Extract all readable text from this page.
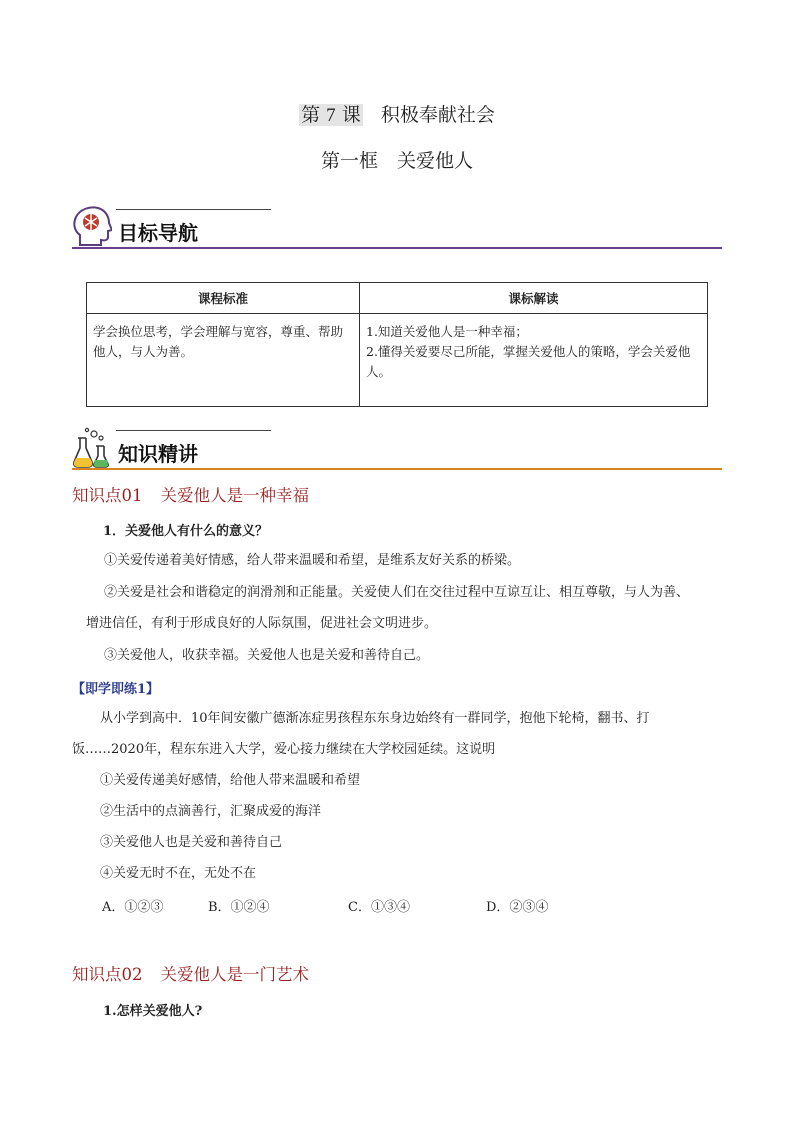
第 7 课 积极奉献社会
第一框　关爱他人
目标导航
课程标准	课标解读
学会换位思考，学会理解与宽容，尊重、帮助他人，与人为善。	1.知道关爱他人是一种幸福；
2.懂得关爱要尽己所能，掌握关爱他人的策略，学会关爱他人。
知识精讲
知识点01 关爱他人是一种幸福
1．关爱他人有什么的意义？
①关爱传递着美好情感，给人带来温暖和希望，是维系友好关系的桥梁。
②关爱是社会和谐稳定的润滑剂和正能量。关爱使人们在交往过程中互谅互让、相互尊敬，与人为善、
增进信任，有利于形成良好的人际氛围，促进社会文明进步。
③关爱他人，收获幸福。关爱他人也是关爱和善待自己。
【即学即练1】
从小学到高中．10年间安徽广德渐冻症男孩程东东身边始终有一群同学，抱他下轮椅，翻书、打
饭……2020年，程东东进入大学，爱心接力继续在大学校园延续。这说明
①关爱传递美好感情，给他人带来温暖和希望
②生活中的点滴善行，汇聚成爱的海洋
③关爱他人也是关爱和善待自己
④关爱无时不在，无处不在
A．①②③	B．①②④	C．①③④	D．②③④
知识点02 关爱他人是一门艺术
1.怎样关爱他人?
